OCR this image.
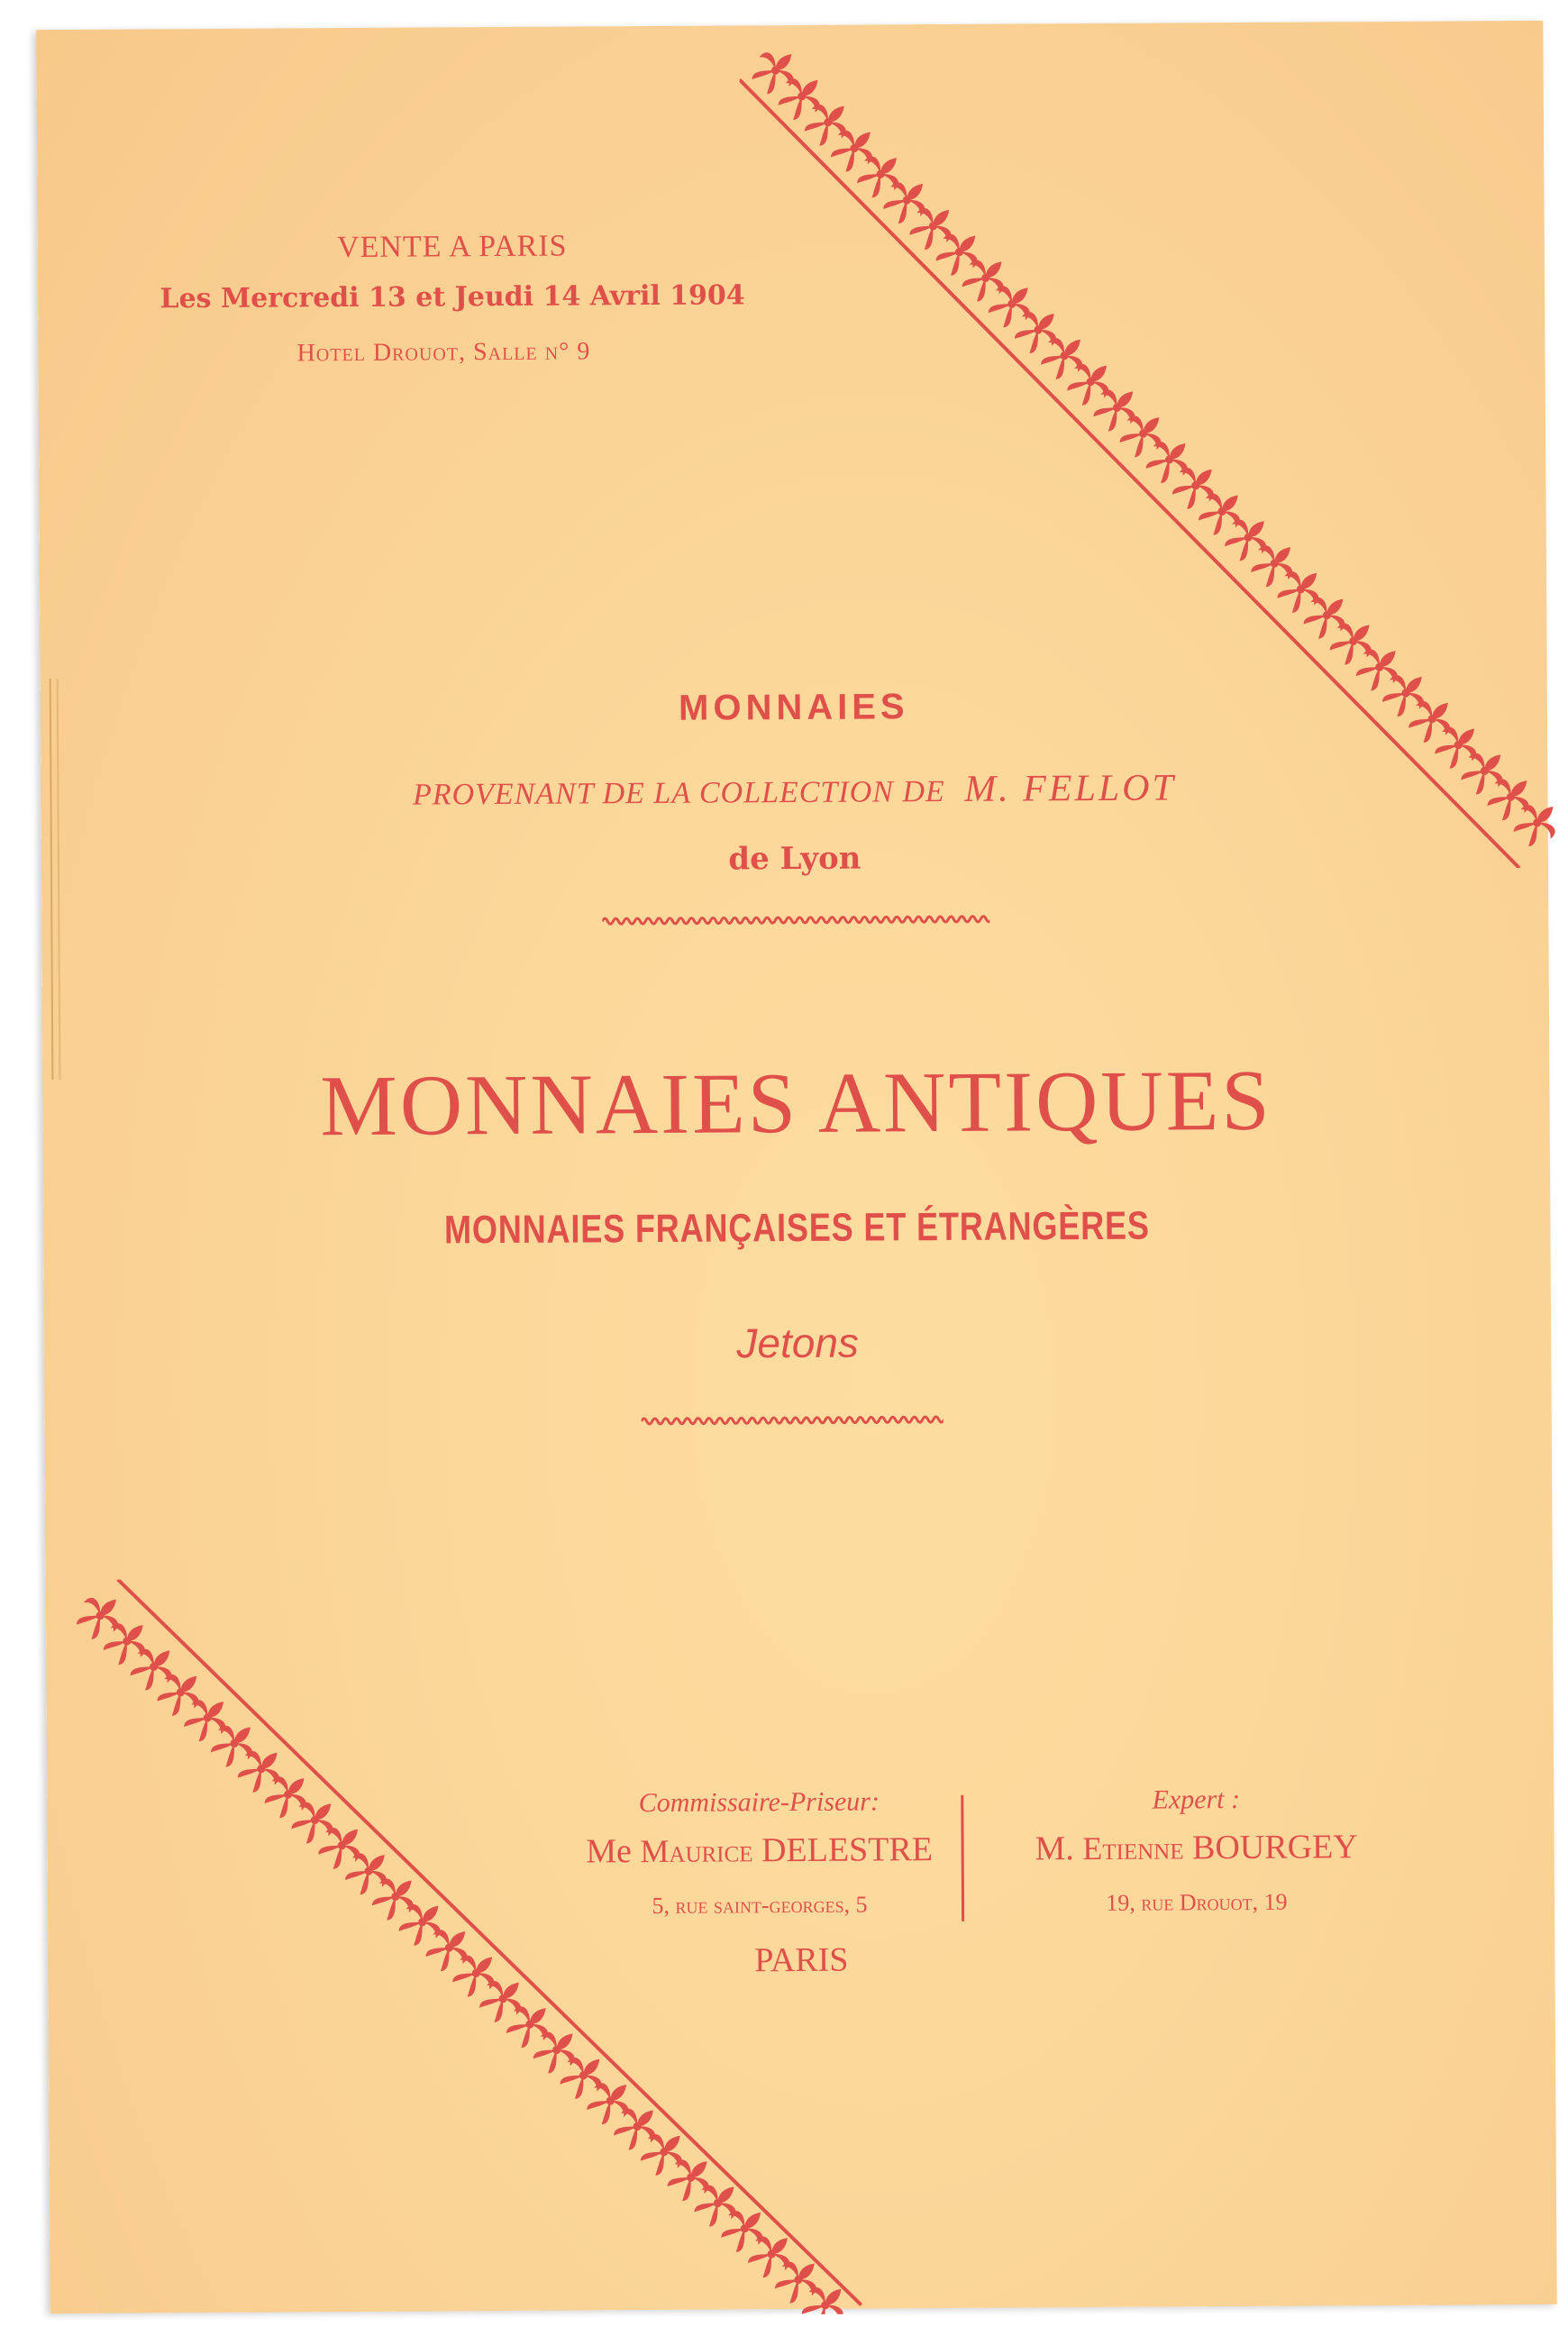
VENTE A PARIS
Les Mercredi 13 et Jeudi 14 Avril 1904
Hotel Drouot, Salle n° 9
MONNAIES
PROVENANT DE LA COLLECTION DE M. FELLOT
de Lyon
MONNAIES ANTIQUES
MONNAIES FRANÇAISES ET ÉTRANGÈRES
Jetons
Commissaire-Priseur:
Me Maurice DELESTRE
5, rue saint-georges, 5
Expert :
M. Etienne BOURGEY
19, rue Drouot, 19
PARIS
